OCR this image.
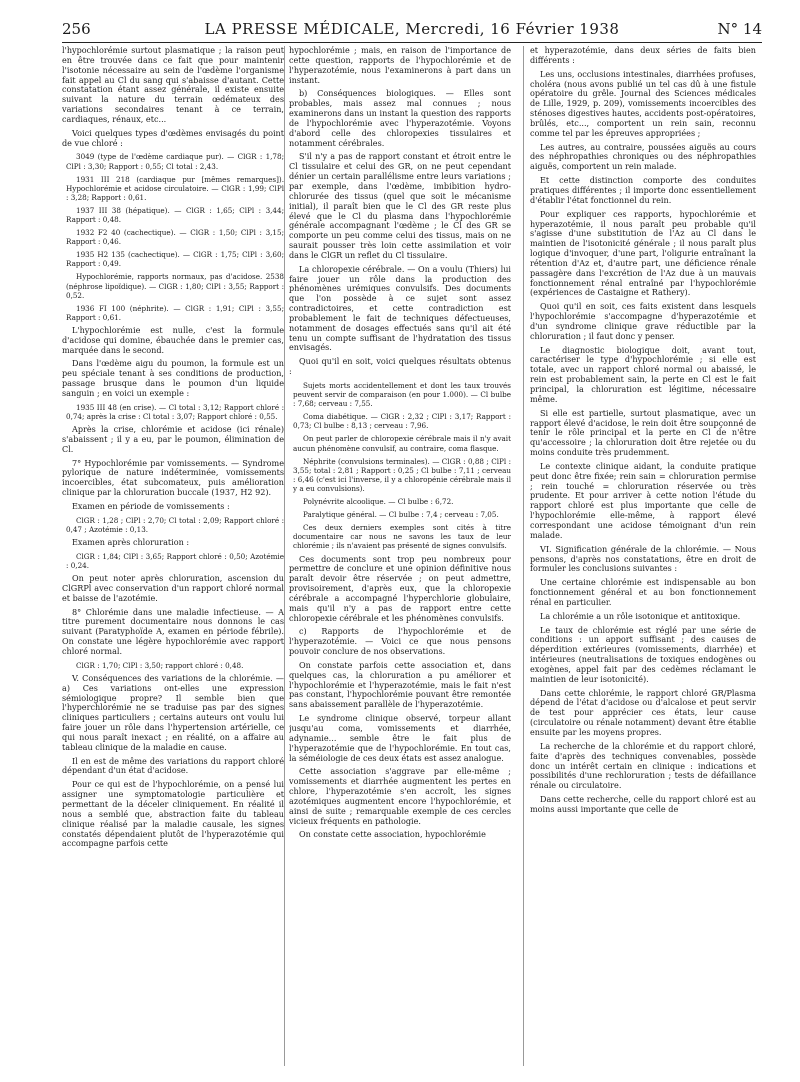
256	LA PRESSE MÉDICALE, Mercredi, 16 Février 1938	N° 14

l'hypochlorémie surtout plasmatique ; la raison peut en être trouvée dans ce fait que pour maintenir l'isotonie nécessaire au sein de l'œdème l'organisme fait appel au Cl du sang qui s'abaisse d'autant. Cette constatation étant assez générale, il existe ensuite suivant la nature du terrain œdémateux des variations secondaires tenant à ce terrain, cardiaques, rénaux, etc...

Voici quelques types d'œdèmes envisagés du point de vue chloré :

3049 (type de l'œdème cardiaque pur). — ClGR : 1,78; ClPl : 3,30; Rapport : 0,55; Cl total : 2,43.

1931 III 218 (cardiaque pur [mêmes remarques]). Hypochlorémie et acidose circulatoire. — ClGR : 1,99; ClPl : 3,28; Rapport : 0,61.

1937 III 38 (hépatique). — ClGR : 1,65; ClPl : 3,44; Rapport : 0,48.

1932 F2 40 (cachectique). — ClGR : 1,50; ClPl : 3,15; Rapport : 0,46.

1935 H2 135 (cachectique). — ClGR : 1,75; ClPl : 3,60; Rapport : 0,49.

Hypochlorémie, rapports normaux, pas d'acidose. 2538 (néphrose lipoïdique). — ClGR : 1,80; ClPl : 3,55; Rapport : 0,52.

1936 FI 100 (néphrite). — ClGR : 1,91; ClPl : 3,55; Rapport : 0,61.

L'hypochlorémie est nulle, c'est la formule d'acidose qui domine, ébauchée dans le premier cas, marquée dans le second.

Dans l'œdème aigu du poumon, la formule est un peu spéciale tenant à ses conditions de production, passage brusque dans le poumon d'un liquide sanguin ; en voici un exemple :

1935 III 48 (en crise). — Cl total : 3,12; Rapport chloré : 0,74; après la crise : Cl total : 3,07; Rapport chloré : 0,55.

Après la crise, chlorémie et acidose (ici rénale) s'abaissent ; il y a eu, par le poumon, élimination de Cl.

7° Hypochlorémie par vomissements. — Syndrome pylorique de nature indéterminée, vomissements incoercibles, état subcomateux, puis amélioration clinique par la chloruration buccale (1937, H2 92).

Examen en période de vomissements :

ClGR : 1,28 ; ClPl : 2,70; Cl total : 2,09; Rapport chloré : 0,47 ; Azotémie : 0,13.

Examen après chloruration :

ClGR : 1,84; ClPl : 3,65; Rapport chloré : 0,50; Azotémie : 0,24.

On peut noter après chloruration, ascension du ClGRPl avec conservation d'un rapport chloré normal et baisse de l'azotémie.

8° Chlorémie dans une maladie infectieuse. — A titre purement documentaire nous donnons le cas suivant (Paratyphoïde A, examen en période fébrile). On constate une légère hypochlorémie avec rapport chloré normal.

ClGR : 1,70; ClPl : 3,50; rapport chloré : 0,48.

V. Conséquences des variations de la chlorémie. — a) Ces variations ont-elles une expression sémiologique propre? Il semble bien que l'hyperchlorémie ne se traduise pas par des signes cliniques particuliers ; certains auteurs ont voulu lui faire jouer un rôle dans l'hypertension artérielle, ce qui nous paraît inexact ; en réalité, on a affaire au tableau clinique de la maladie en cause.

Il en est de même des variations du rapport chloré dépendant d'un état d'acidose.

Pour ce qui est de l'hypochlorémie, on a pensé lui assigner une symptomatologie particulière et permettant de la déceler cliniquement. En réalité il nous a semblé que, abstraction faite du tableau clinique réalisé par la maladie causale, les signes constatés dépendaient plutôt de l'hyperazotémie qui accompagne parfois cette

hypochlorémie ; mais, en raison de l'importance de cette question, rapports de l'hypochlorémie et de l'hyperazotémie, nous l'examinerons à part dans un instant.

b) Conséquences biologiques. — Elles sont probables, mais assez mal connues ; nous examinerons dans un instant la question des rapports de l'hypochlorémie avec l'hyperazotémie. Voyons d'abord celle des chloropexies tissulaires et notamment cérébrales.

S'il n'y a pas de rapport constant et étroit entre le Cl tissulaire et celui des GR, on ne peut cependant dénier un certain parallélisme entre leurs variations ; par exemple, dans l'œdème, imbibition hydro-chlorurée des tissus (quel que soit le mécanisme initial), il paraît bien que le Cl des GR reste plus élevé que le Cl du plasma dans l'hypochlorémie générale accompagnant l'œdème ; le Cl des GR se comporte un peu comme celui des tissus, mais on ne saurait pousser très loin cette assimilation et voir dans le ClGR un reflet du Cl tissulaire.

La chloropexie cérébrale. — On a voulu (Thiers) lui faire jouer un rôle dans la production des phénomènes urémiques convulsifs. Des documents que l'on possède à ce sujet sont assez contradictoires, et cette contradiction est probablement le fait de techniques défectueuses, notamment de dosages effectués sans qu'il ait été tenu un compte suffisant de l'hydratation des tissus envisagés.

Quoi qu'il en soit, voici quelques résultats obtenus :

Sujets morts accidentellement et dont les taux trouvés peuvent servir de comparaison (en pour 1.000). — Cl bulbe : 7,68; cerveau : 7,55.

Coma diabétique. — ClGR : 2,32 ; ClPl : 3,17; Rapport : 0,73; Cl bulbe : 8,13 ; cerveau : 7,96.

On peut parler de chloropexie cérébrale mais il n'y avait aucun phénomène convulsif, au contraire, coma flasque.

Néphrite (convulsions terminales). — ClGR : 0,88 ; ClPl : 3,55; total : 2,81 ; Rapport : 0,25 ; Cl bulbe : 7,11 ; cerveau : 6,46 (c'est ici l'inverse, il y a chloropénie cérébrale mais il y a eu convulsions).

Polynévrite alcoolique. — Cl bulbe : 6,72.

Paralytique général. — Cl bulbe : 7,4 ; cerveau : 7,05.

Ces deux derniers exemples sont cités à titre documentaire car nous ne savons les taux de leur chlorémie ; ils n'avaient pas présenté de signes convulsifs.

Ces documents sont trop peu nombreux pour permettre de conclure et une opinion définitive nous paraît devoir être réservée ; on peut admettre, provisoirement, d'après eux, que la chloropexie cérébrale a accompagné l'hyperchlorie globulaire, mais qu'il n'y a pas de rapport entre cette chloropexie cérébrale et les phénomènes convulsifs.

c) Rapports de l'hypochlorémie et de l'hyperazotémie. — Voici ce que nous pensons pouvoir conclure de nos observations.

On constate parfois cette association et, dans quelques cas, la chloruration a pu améliorer et l'hypochlorémie et l'hyperazotémie, mais le fait n'est pas constant, l'hypochlorémie pouvant être remontée sans abaissement parallèle de l'hyperazotémie.

Le syndrome clinique observé, torpeur allant jusqu'au coma, vomissements et diarrhée, adynamie... semble être le fait plus de l'hyperazotémie que de l'hypochlorémie. En tout cas, la séméiologie de ces deux états est assez analogue.

Cette association s'aggrave par elle-même ; vomissements et diarrhée augmentent les pertes en chlore, l'hyperazotémie s'en accroît, les signes azotémiques augmentent encore l'hypochlorémie, et ainsi de suite ; remarquable exemple de ces cercles vicieux fréquents en pathologie.

On constate cette association, hypochlorémie

et hyperazotémie, dans deux séries de faits bien différents :

Les uns, occlusions intestinales, diarrhées profuses, choléra (nous avons publié un tel cas dû à une fistule opératoire du grêle. Journal des Sciences médicales de Lille, 1929, p. 209), vomissements incoercibles des sténoses digestives hautes, accidents post-opératoires, brûlés, etc..., comportent un rein sain, reconnu comme tel par les épreuves appropriées ;

Les autres, au contraire, poussées aiguës au cours des néphropathies chroniques ou des néphropathies aiguës, comportent un rein malade.

Et cette distinction comporte des conduites pratiques différentes ; il importe donc essentiellement d'établir l'état fonctionnel du rein.

Pour expliquer ces rapports, hypochlorémie et hyperazotémie, il nous paraît peu probable qu'il s'agisse d'une substitution de l'Az au Cl dans le maintien de l'isotonicité générale ; il nous paraît plus logique d'invoquer, d'une part, l'oligurie entraînant la rétention d'Az et, d'autre part, une déficience rénale passagère dans l'excrétion de l'Az due à un mauvais fonctionnement rénal entraîné par l'hypochlorémie (expériences de Castaigne et Rathery).

Quoi qu'il en soit, ces faits existent dans lesquels l'hypochlorémie s'accompagne d'hyperazotémie et d'un syndrome clinique grave réductible par la chloruration ; il faut donc y penser.

Le diagnostic biologique doit, avant tout, caractériser le type d'hypochlorémie ; si elle est totale, avec un rapport chloré normal ou abaissé, le rein est probablement sain, la perte en Cl est le fait principal, la chloruration est légitime, nécessaire même.

Si elle est partielle, surtout plasmatique, avec un rapport élevé d'acidose, le rein doit être soupçonné de tenir le rôle principal et la perte en Cl de n'être qu'accessoire ; la chloruration doit être rejetée ou du moins conduite très prudemment.

Le contexte clinique aidant, la conduite pratique peut donc être fixée; rein sain = chloruration permise ; rein touché = chloruration réservée ou très prudente. Et pour arriver à cette notion l'étude du rapport chloré est plus importante que celle de l'hypochlorémie elle-même, à rapport élevé correspondant une acidose témoignant d'un rein malade.

VI. Signification générale de la chlorémie. — Nous pensons, d'après nos constatations, être en droit de formuler les conclusions suivantes :

Une certaine chlorémie est indispensable au bon fonctionnement général et au bon fonctionnement rénal en particulier.

La chlorémie a un rôle isotonique et antitoxique.

Le taux de chlorémie est réglé par une série de conditions : un apport suffisant ; des causes de déperdition extérieures (vomissements, diarrhée) et intérieures (neutralisations de toxiques endogènes ou exogènes, appel fait par des cedèmes réclamant le maintien de leur isotonicité).

Dans cette chlorémie, le rapport chloré GR/Plasma dépend de l'état d'acidose ou d'alcalose et peut servir de test pour apprécier ces états, leur cause (circulatoire ou rénale notamment) devant être établie ensuite par les moyens propres.

La recherche de la chlorémie et du rapport chloré, faite d'après des techniques convenables, possède donc un intérêt certain en clinique : indications et possibilités d'une rechloruration ; tests de défaillance rénale ou circulatoire.

Dans cette recherche, celle du rapport chloré est au moins aussi importante que celle de
